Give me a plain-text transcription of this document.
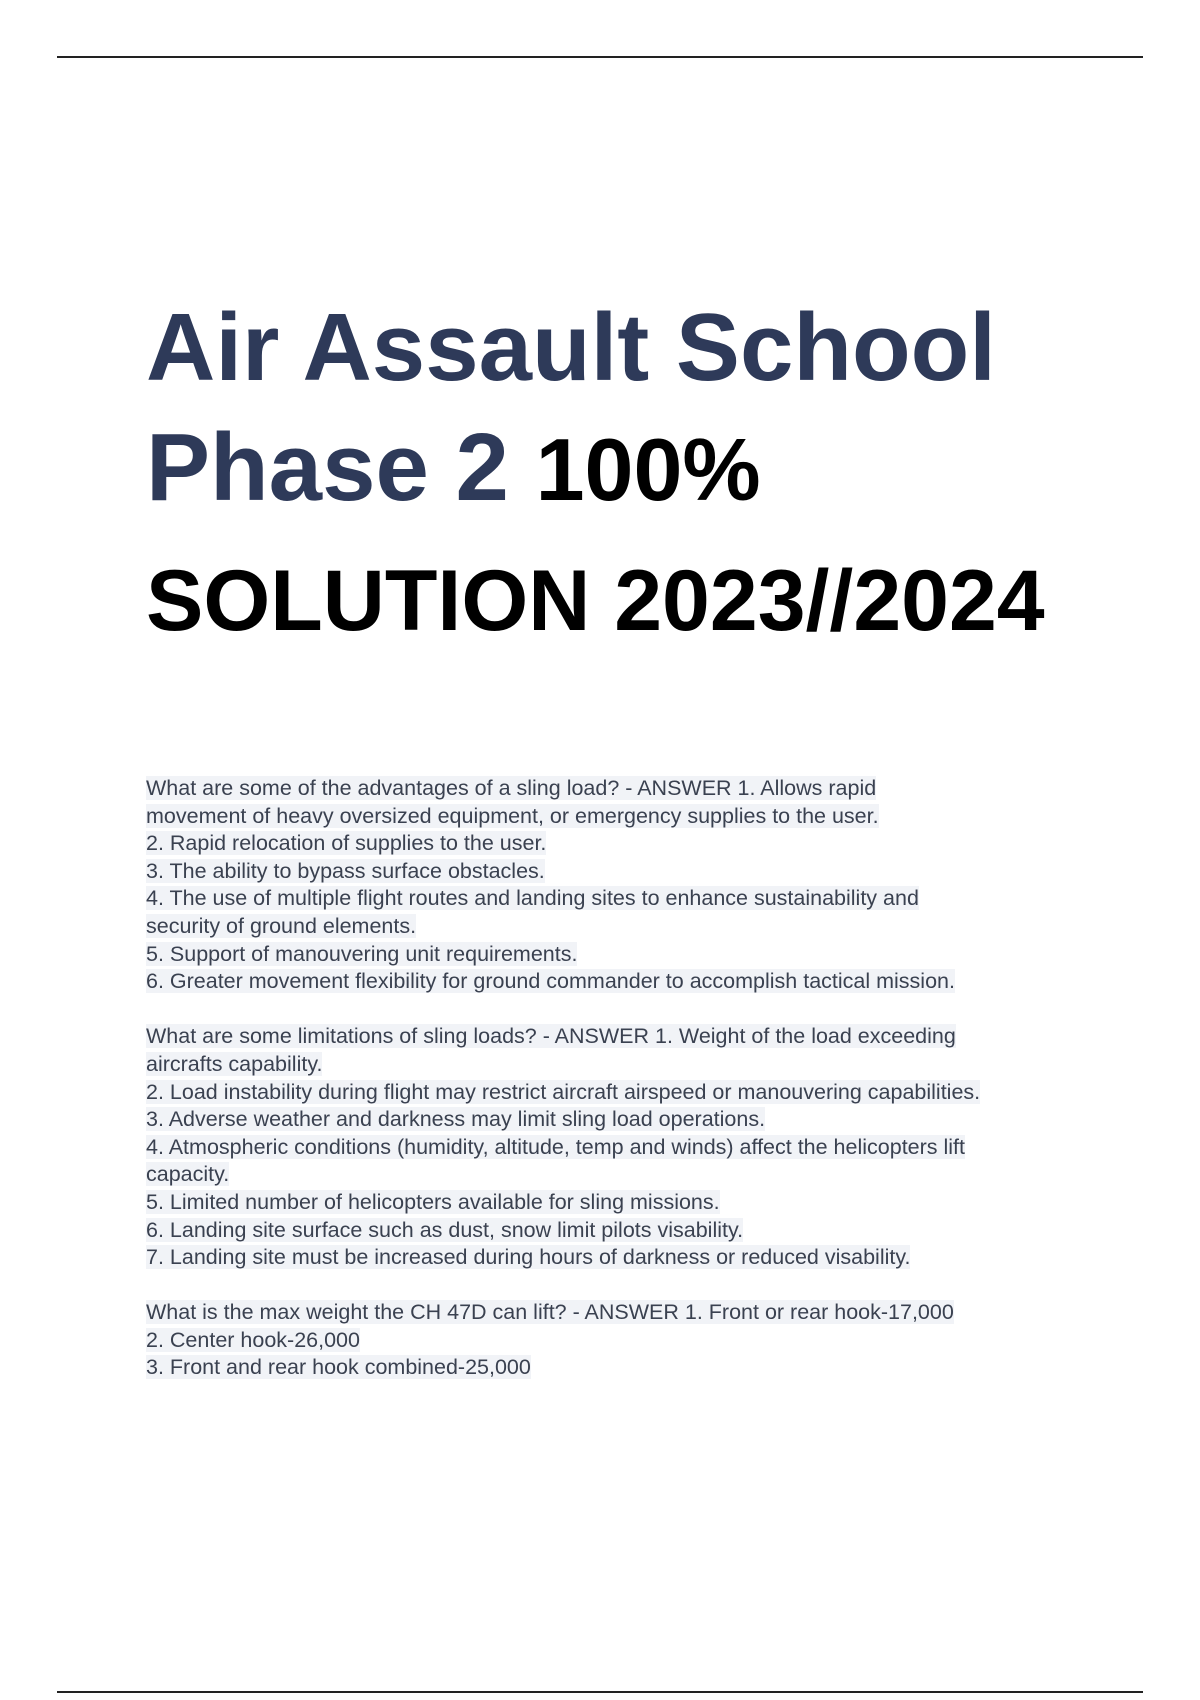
Air Assault School
Phase 2 100%
SOLUTION 2023//2024
What are some of the advantages of a sling load? - ANSWER 1. Allows rapid
movement of heavy oversized equipment, or emergency supplies to the user.
2. Rapid relocation of supplies to the user.
3. The ability to bypass surface obstacles.
4. The use of multiple flight routes and landing sites to enhance sustainability and
security of ground elements.
5. Support of manouvering unit requirements.
6. Greater movement flexibility for ground commander to accomplish tactical mission.
What are some limitations of sling loads? - ANSWER 1. Weight of the load exceeding
aircrafts capability.
2. Load instability during flight may restrict aircraft airspeed or manouvering capabilities.
3. Adverse weather and darkness may limit sling load operations.
4. Atmospheric conditions (humidity, altitude, temp and winds) affect the helicopters lift
capacity.
5. Limited number of helicopters available for sling missions.
6. Landing site surface such as dust, snow limit pilots visability.
7. Landing site must be increased during hours of darkness or reduced visability.
What is the max weight the CH 47D can lift? - ANSWER 1. Front or rear hook-17,000
2. Center hook-26,000
3. Front and rear hook combined-25,000
